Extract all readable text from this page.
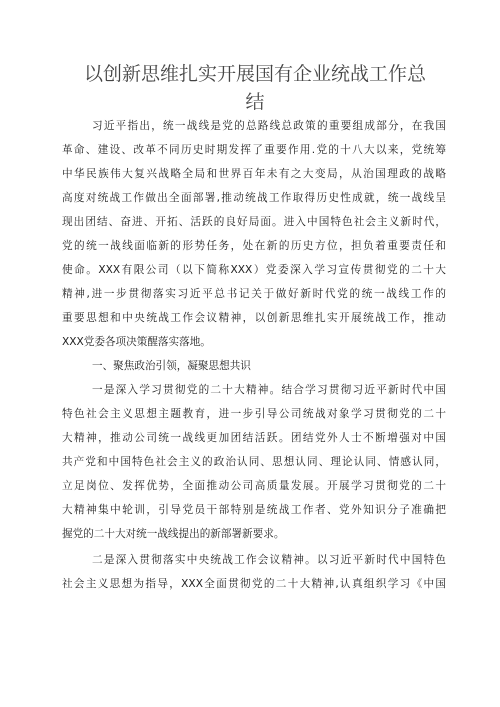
以创新思维扎实开展国有企业统战工作总
结
习近平指出，统一战线是党的总路线总政策的重要组成部分，在我国
革命、建设、改革不同历史时期发挥了重要作用.党的十八大以来，党统筹
中华民族伟大复兴战略全局和世界百年未有之大变局，从治国理政的战略
高度对统战工作做出全面部署,推动统战工作取得历史性成就，统一战线呈
现出团结、奋进、开拓、活跃的良好局面。进入中国特色社会主义新时代，
党的统一战线面临新的形势任务，处在新的历史方位，担负着重要责任和
使命。XXX有限公司（以下简称XXX）党委深入学习宣传贯彻党的二十大
精神,进一步贯彻落实习近平总书记关于做好新时代党的统一战线工作的
重要思想和中央统战工作会议精神，以创新思维扎实开展统战工作，推动
XXX党委各项决策醒落实落地。
一、聚焦政治引领，凝聚思想共识
一是深入学习贯彻党的二十大精神。结合学习贯彻习近平新时代中国
特色社会主义思想主题教育，进一步引导公司统战对象学习贯彻党的二十
大精神，推动公司统一战线更加团结活跃。团结党外人士不断增强对中国
共产党和中国特色社会主义的政治认同、思想认同、理论认同、情感认同，
立足岗位、发挥优势，全面推动公司高质量发展。开展学习贯彻党的二十
大精神集中轮训，引导党员干部特别是统战工作者、党外知识分子准确把
握党的二十大对统一战线提出的新部署新要求。
二是深入贯彻落实中央统战工作会议精神。以习近平新时代中国特色
社会主义思想为指导，XXX全面贯彻党的二十大精神,认真组织学习《中国
